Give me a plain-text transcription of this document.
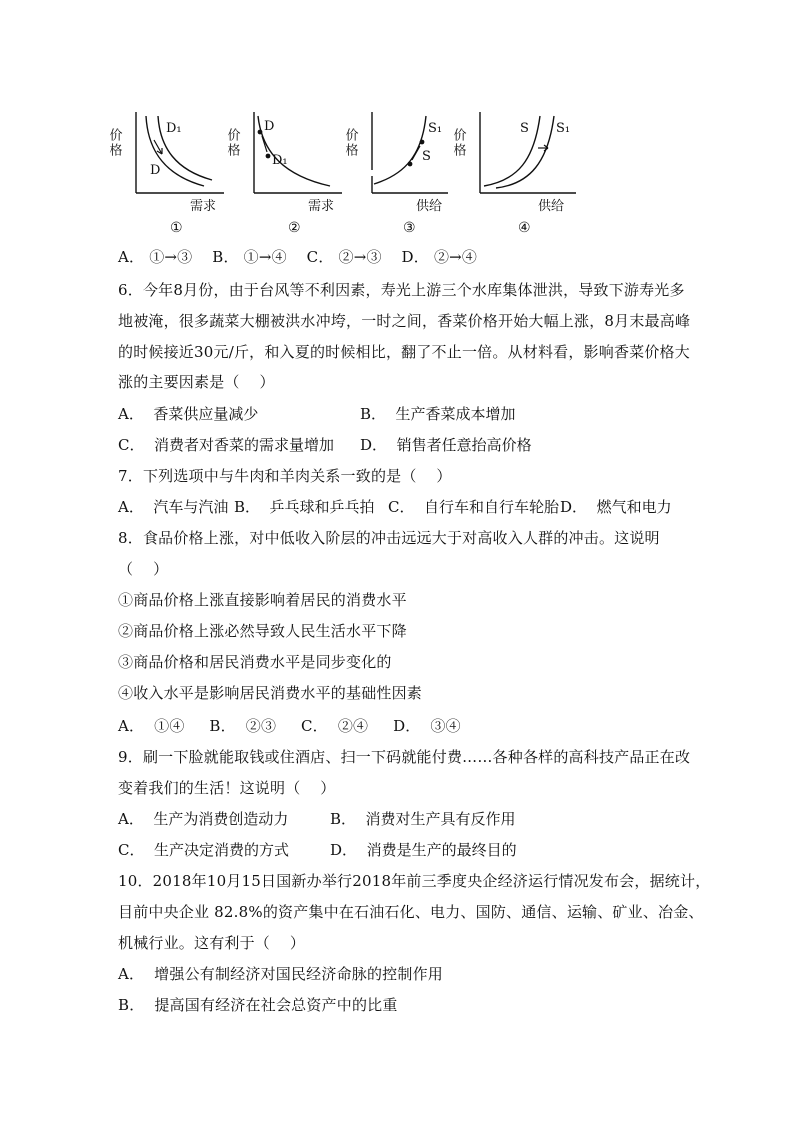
价格	D₁
D
需求
①
价格
D
D₁
需求
②
价格	S₁
S
供给
③
价格	S S₁
供给
④
A． ①→③    B． ①→④    C． ②→③    D． ②→④
6．今年8月份，由于台风等不利因素，寿光上游三个水库集体泄洪，导致下游寿光多
地被淹，很多蔬菜大棚被洪水冲垮，一时之间，香菜价格开始大幅上涨，8月末最高峰
的时候接近30元/斤，和入夏的时候相比，翻了不止一倍。从材料看，影响香菜价格大
涨的主要因素是（    ）

A．  香菜供应量减少

	B．  生产香菜成本增加

C．  消费者对香菜的需求量增加

D．  销售者任意抬高价格

7．下列选项中与牛肉和羊肉关系一致的是（    ）

A．  汽车与汽油

B．  乒乓球和乒乓拍

C．  自行车和自行车轮胎

D．  燃气和电力

8．食品价格上涨，对中低收入阶层的冲击远远大于对高收入人群的冲击。这说明
（    ）
①商品价格上涨直接影响着居民的消费水平
②商品价格上涨必然导致人民生活水平下降
③商品价格和居民消费水平是同步变化的
④收入水平是影响居民消费水平的基础性因素
A．  ①④     B．  ②③     C．  ②④     D．  ③④
9．刷一下脸就能取钱或住酒店、扫一下码就能付费……各种各样的高科技产品正在改
变着我们的生活！这说明（    ）

A．  生产为消费创造动力

	B．  消费对生产具有反作用

C．  生产决定消费的方式

	D．  消费是生产的最终目的

10．2018年10月15日国新办举行2018年前三季度央企经济运行情况发布会，据统计，
目前中央企业 82.8%的资产集中在石油石化、电力、国防、通信、运输、矿业、冶金、
机械行业。这有利于（    ）
A．  增强公有制经济对国民经济命脉的控制作用
B．  提高国有经济在社会总资产中的比重
